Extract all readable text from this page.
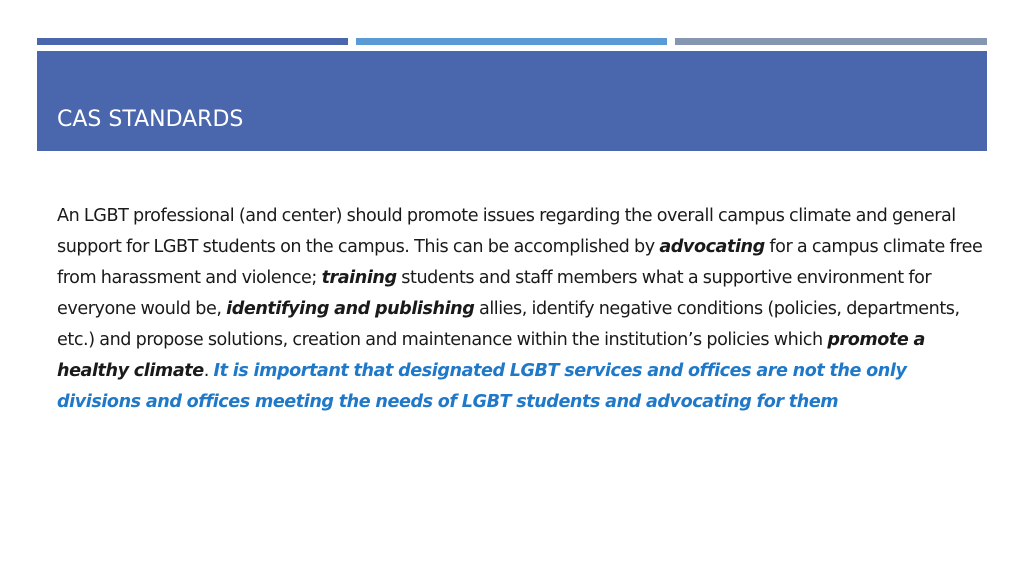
CAS STANDARDS

An LGBT professional (and center) should promote issues regarding the overall campus climate and general support for LGBT students on the campus. This can be accomplished by advocating for a campus climate free from harassment and violence; training students and staff members what a supportive environment for everyone would be, identifying and publishing allies, identify negative conditions (policies, departments, etc.) and propose solutions, creation and maintenance within the institution’s policies which promote a healthy climate. It is important that designated LGBT services and offices are not the only divisions and offices meeting the needs of LGBT students and advocating for them
